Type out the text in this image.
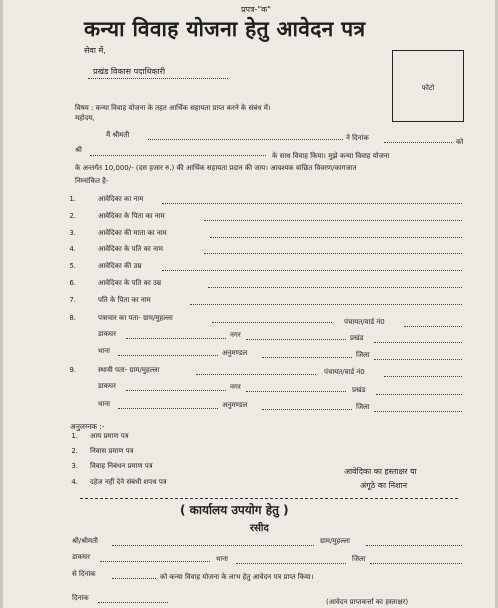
प्रपत्र-"क"
कन्या विवाह योजना हेतु आवेदन पत्र
सेवा में,
प्रखंड विकास पदाधिकारी
फोटो
विषय : कन्या विवाह योजना के तहत आर्थिक सहायता प्राप्त करने के संबंध में।
महोदय,
मैं श्रीमती	ने दिनांक	को
श्री
के साथ विवाह किया। मुझे कन्या विवाह योजना
के अन्तर्गत 10,000/- (दस हजार रु.) की आर्थिक सहायता प्रदान की जाय। आवश्यक वांछित विवरण/कागजात
निम्नांकित है-
1.	आवेदिका का नाम
2.	आवेदिका के पिता का नाम
3.	आवेदिका की माता का नाम
4.	आवेदिका के पति का नाम
5.	आवेदिका की उम्र
6.	आवेदिका के पति का उम्र
7.	पति के पिता का नाम
8.	पत्राचार का पता- ग्राम/मुहल्ला	पंचायत/वार्ड नं0
डाकघर	नगर	प्रखंड
थाना	अनुमण्डल	जिला
9.	स्थायी पता- ग्राम/मुहल्ला	पंचायत/वार्ड नं0
डाकघर	नगर	प्रखंड
थाना	अनुमण्डल	जिला
अनुलग्नक :-
1. आय प्रमाण पत्र
2. निवास प्रमाण पत्र
3. विवाह निबंधन प्रमाण पत्र
4. दहेज नहीं देने संबंधी शपथ पत्र
आवेदिका का हस्ताक्षर या
अंगूठे का निशान
( कार्यालय उपयोग हेतु )
रसीद
श्री/श्रीमती	ग्राम/मुहल्ला
डाकघर	थाना	जिला
से दिनांक	को कन्या विवाह योजना के लाभ हेतु आवेदन पत्र प्राप्त किया।
दिनांक	(आवेदन प्राप्तकर्त्ता का हस्ताक्षर)
